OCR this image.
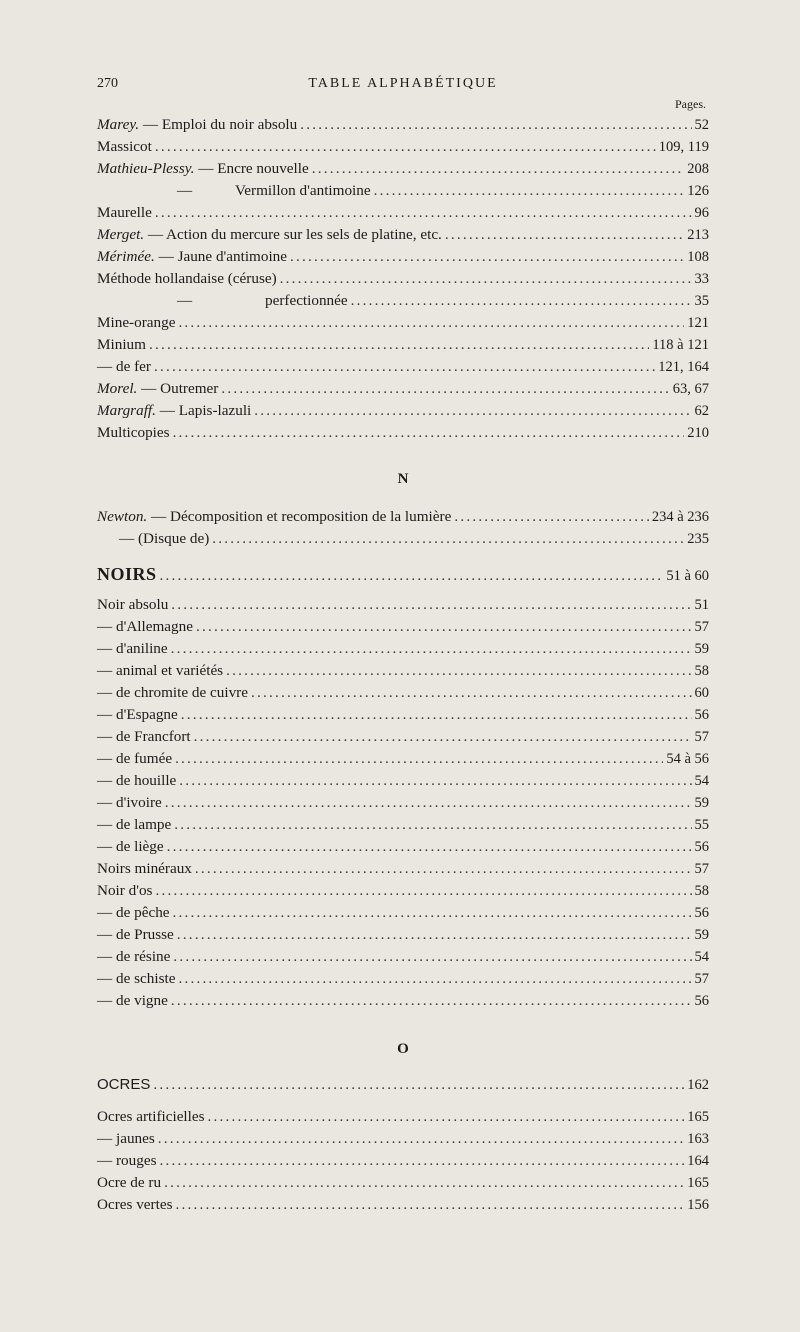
270	TABLE ALPHABÉTIQUE
Pages.
Marey. — Emploi du noir absolu .....	52
Massicot .....	109, 119
Mathieu-Plessy. — Encre nouvelle .....	208
—	Vermillon d'antimoine .....	126
Maurelle .....	96
Merget. — Action du mercure sur les sels de platine, etc. .....	213
Mérimée. — Jaune d'antimoine .....	108
Méthode hollandaise (céruse) .....	33
—	perfectionnée .....	35
Mine-orange .....	121
Minium .....	118 à 121
— de fer .....	121, 164
Morel. — Outremer .....	63, 67
Margraff. — Lapis-lazuli .....	62
Multicopies .....	210
N
Newton. — Décomposition et recomposition de la lumière .....	234 à 236
— (Disque de) .....	235
NOIRS .....	51 à 60
Noir absolu .....	51
— d'Allemagne .....	57
— d'aniline .....	59
— animal et variétés .....	58
— de chromite de cuivre .....	60
— d'Espagne .....	56
— de Francfort .....	57
— de fumée .....	54 à 56
— de houille .....	54
— d'ivoire .....	59
— de lampe .....	55
— de liège .....	56
Noirs minéraux .....	57
Noir d'os .....	58
— de pêche .....	56
— de Prusse .....	59
— de résine .....	54
— de schiste .....	57
— de vigne .....	56
O
OCRES .....	162
Ocres artificielles .....	165
— jaunes .....	163
— rouges .....	164
Ocre de ru .....	165
Ocres vertes .....	156
